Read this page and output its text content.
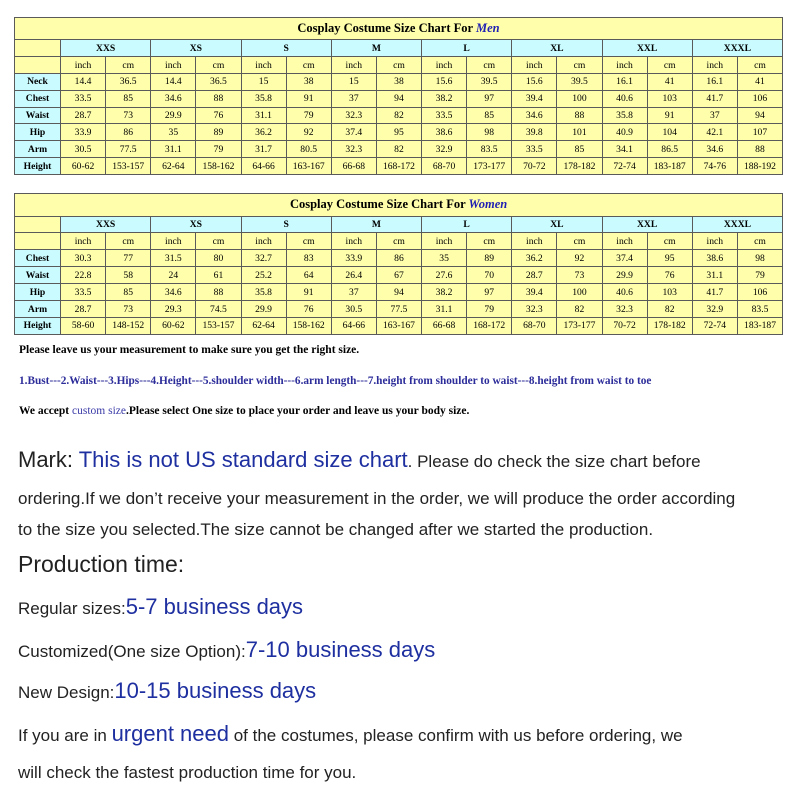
Cosplay Costume Size Chart For Men																
	XXS		XS		S		M		L		XL		XXL		XXXL	
	inch	cm	inch	cm	inch	cm	inch	cm	inch	cm	inch	cm	inch	cm	inch	cm
Neck	14.4	36.5	14.4	36.5	15	38	15	38	15.6	39.5	15.6	39.5	16.1	41	16.1	41
Chest	33.5	85	34.6	88	35.8	91	37	94	38.2	97	39.4	100	40.6	103	41.7	106
Waist	28.7	73	29.9	76	31.1	79	32.3	82	33.5	85	34.6	88	35.8	91	37	94
Hip	33.9	86	35	89	36.2	92	37.4	95	38.6	98	39.8	101	40.9	104	42.1	107
Arm	30.5	77.5	31.1	79	31.7	80.5	32.3	82	32.9	83.5	33.5	85	34.1	86.5	34.6	88
Height	60-62	153-157	62-64	158-162	64-66	163-167	66-68	168-172	68-70	173-177	70-72	178-182	72-74	183-187	74-76	188-192
Cosplay Costume Size Chart For Women																
	XXS		XS		S		M		L		XL		XXL		XXXL	
	inch	cm	inch	cm	inch	cm	inch	cm	inch	cm	inch	cm	inch	cm	inch	cm
Chest	30.3	77	31.5	80	32.7	83	33.9	86	35	89	36.2	92	37.4	95	38.6	98
Waist	22.8	58	24	61	25.2	64	26.4	67	27.6	70	28.7	73	29.9	76	31.1	79
Hip	33.5	85	34.6	88	35.8	91	37	94	38.2	97	39.4	100	40.6	103	41.7	106
Arm	28.7	73	29.3	74.5	29.9	76	30.5	77.5	31.1	79	32.3	82	32.3	82	32.9	83.5
Height	58-60	148-152	60-62	153-157	62-64	158-162	64-66	163-167	66-68	168-172	68-70	173-177	70-72	178-182	72-74	183-187
Please leave us your measurement to make sure you get the right size.
1.Bust---2.Waist---3.Hips---4.Height---5.shoulder width---6.arm length---7.height from shoulder to waist---8.height from waist to toe
We accept custom size.Please select One size to place your order and leave us your body size.
Mark: This is not US standard size chart. Please do check the size chart before
ordering.If we don’t receive your measurement in the order, we will produce the order according
to the size you selected.The size cannot be changed after we started the production.
Production time:
Regular sizes:5-7 business days
Customized(One size Option):7-10 business days
New Design:10-15 business days
If you are in urgent need of the costumes, please confirm with us before ordering, we
will check the fastest production time for you.
